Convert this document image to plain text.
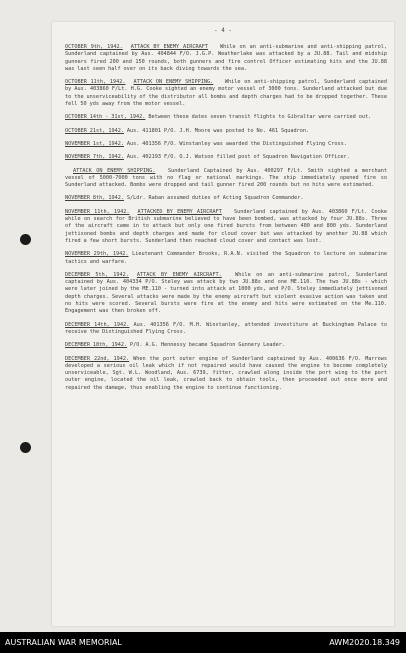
- 4 -
OCTOBER 9th, 1942. ATTACK BY ENEMY AIRCRAFT While on an anti-submarine and anti-shipping patrol, Sunderland captained by Aus. 404844 F/O. J.G.P. Weatherlake was attacked by a JU.88. Tail and midship gunners fired 200 and 150 rounds, both gunners and fire control Officer estimating hits and the JU.88 was last seen half over on its back diving towards the sea.
OCTOBER 11th, 1942. ATTACK ON ENEMY SHIPPING. While on anti-shipping patrol, Sunderland captained by Aus. 403860 F/Lt. H.G. Cooke sighted an enemy motor vessel of 3000 tons. Sunderland attacked but due to the unserviceability of the distributor all bombs and depth charges had to be dropped together. These fell 50 yds away from the motor vessel.
OCTOBER 14th - 31st, 1942. Between these dates seven transit flights to Gibraltar were carried out.
OCTOBER 21st, 1942. Aus. 411801 P/O. J.H. Moore was posted to No. 461 Squadron.
NOVEMBER 1st, 1942. Aus. 401356 F/O. Winstanley was awarded the Distinguished Flying Cross.
NOVEMBER 7th, 1942. Aus. 402193 F/O. O.J. Watson filled post of Squadron Navigation Officer.
ATTACK ON ENEMY SHIPPING. Sunderland Captained by Aus. 400297 F/Lt. Smith sighted a merchant vessel of 5000-7000 tons with no flag or national markings. The ship immediately opened fire so Sunderland attacked. Bombs were dropped and tail gunner fired 200 rounds but no hits were estimated.
NOVEMBER 8th, 1942. S/Ldr. Raban assumed duties of Acting Squadron Commander.
NOVEMBER 11th, 1942. ATTACKED BY ENEMY AIRCRAFT Sunderland captained by Aus. 403860 F/Lt. Cooke while on search for British submarine believed to have been bombed, was attacked by four JU.88s. Three of the aircraft came in to attack but only one fired bursts from between 400 and 800 yds. Sunderland jettisoned bombs and depth charges and made for cloud cover but was attacked by another JU.88 which fired a few short bursts. Sunderland then reached cloud cover and contact was lost.
NOVEMBER 29th, 1942. Lieutenant Commander Brooks, R.A.N. visited the Squadron to lecture on submarine tactics and warfare.
DECEMBER 5th, 1942. ATTACK BY ENEMY AIRCRAFT.	While on an anti-submarine patrol, Sunderland captained by Aus. 404334 P/O. Steley was attack by two JU.88s and one ME.110. The two JU.88s - which were later joined by the ME.110 - turned into attack at 1000 yds, and P/O. Steley immediately jettisoned depth charges. Several attacks were made by the enemy aircraft but violent evasive action was taken and no hits were scored. Several bursts were fire at the enemy and hits were estimated on the Me.110. Engagement was then broken off.
DECEMBER 14th, 1942. Aus. 401356 F/O. M.H. Winstanley, attended investiture at Buckingham Palace to receive the Distinguished Flying Cross.
DECEMBER 18th, 1942. P/O. A.G. Hennessy became Squadron Gunnery Leader.
DECEMBER 22nd, 1942. When the port outer engine of Sunderland captained by Aus. 400636 F/O. Marrows developed a serious oil leak which if not repaired would have caused the engine to become completely unserviceable, Sgt. W.L. Woodland, Aus. 6739, fitter, crawled along inside the port wing to the port outer engine, located the oil leak, crawled back to obtain tools, then proceeded out once more and repaired the damage, thus enabling the engine to continue functioning.
AUSTRALIAN WAR MEMORIAL	AWM2020.18.349
